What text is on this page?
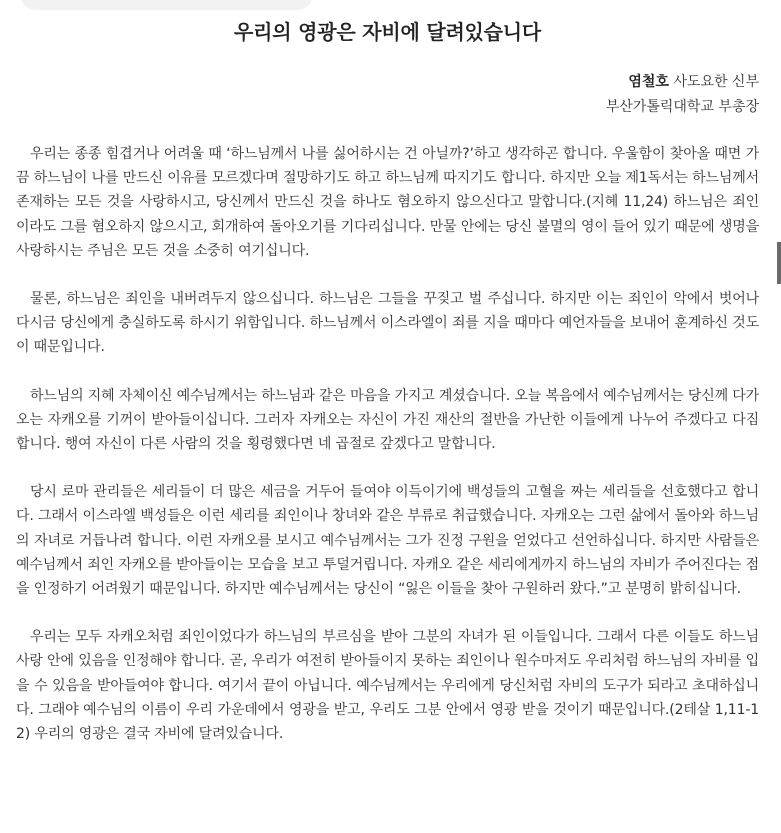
우리의 영광은 자비에 달려있습니다
염철호 사도요한 신부
부산가톨릭대학교 부총장

우리는 종종 힘겹거나 어려울 때 ‘하느님께서 나를 싫어하시는 건 아닐까?’하고 생각하곤 합니다. 우울함이 찾아올 때면 가끔 하느님이 나를 만드신 이유를 모르겠다며 절망하기도 하고 하느님께 따지기도 합니다. 하지만 오늘 제1독서는 하느님께서 존재하는 모든 것을 사랑하시고, 당신께서 만드신 것을 하나도 혐오하지 않으신다고 말합니다.(지혜 11,24) 하느님은 죄인이라도 그를 혐오하지 않으시고, 회개하여 돌아오기를 기다리십니다. 만물 안에는 당신 불멸의 영이 들어 있기 때문에 생명을 사랑하시는 주님은 모든 것을 소중히 여기십니다.

물론, 하느님은 죄인을 내버려두지 않으십니다. 하느님은 그들을 꾸짖고 벌 주십니다. 하지만 이는 죄인이 악에서 벗어나 다시금 당신에게 충실하도록 하시기 위함입니다. 하느님께서 이스라엘이 죄를 지을 때마다 예언자들을 보내어 훈계하신 것도 이 때문입니다.

하느님의 지혜 자체이신 예수님께서는 하느님과 같은 마음을 가지고 계셨습니다. 오늘 복음에서 예수님께서는 당신께 다가오는 자캐오를 기꺼이 받아들이십니다. 그러자 자캐오는 자신이 가진 재산의 절반을 가난한 이들에게 나누어 주겠다고 다짐합니다. 행여 자신이 다른 사람의 것을 횡령했다면 네 곱절로 갚겠다고 말합니다.

당시 로마 관리들은 세리들이 더 많은 세금을 거두어 들여야 이득이기에 백성들의 고혈을 짜는 세리들을 선호했다고 합니다. 그래서 이스라엘 백성들은 이런 세리를 죄인이나 창녀와 같은 부류로 취급했습니다. 자캐오는 그런 삶에서 돌아와 하느님의 자녀로 거듭나려 합니다. 이런 자캐오를 보시고 예수님께서는 그가 진정 구원을 얻었다고 선언하십니다. 하지만 사람들은 예수님께서 죄인 자캐오를 받아들이는 모습을 보고 투덜거립니다. 자캐오 같은 세리에게까지 하느님의 자비가 주어진다는 점을 인정하기 어려웠기 때문입니다. 하지만 예수님께서는 당신이 “잃은 이들을 찾아 구원하러 왔다.”고 분명히 밝히십니다.

우리는 모두 자캐오처럼 죄인이었다가 하느님의 부르심을 받아 그분의 자녀가 된 이들입니다. 그래서 다른 이들도 하느님 사랑 안에 있음을 인정해야 합니다. 곧, 우리가 여전히 받아들이지 못하는 죄인이나 원수마저도 우리처럼 하느님의 자비를 입을 수 있음을 받아들여야 합니다. 여기서 끝이 아닙니다. 예수님께서는 우리에게 당신처럼 자비의 도구가 되라고 초대하십니다. 그래야 예수님의 이름이 우리 가운데에서 영광을 받고, 우리도 그분 안에서 영광 받을 것이기 때문입니다.(2테살 1,11-12) 우리의 영광은 결국 자비에 달려있습니다.
